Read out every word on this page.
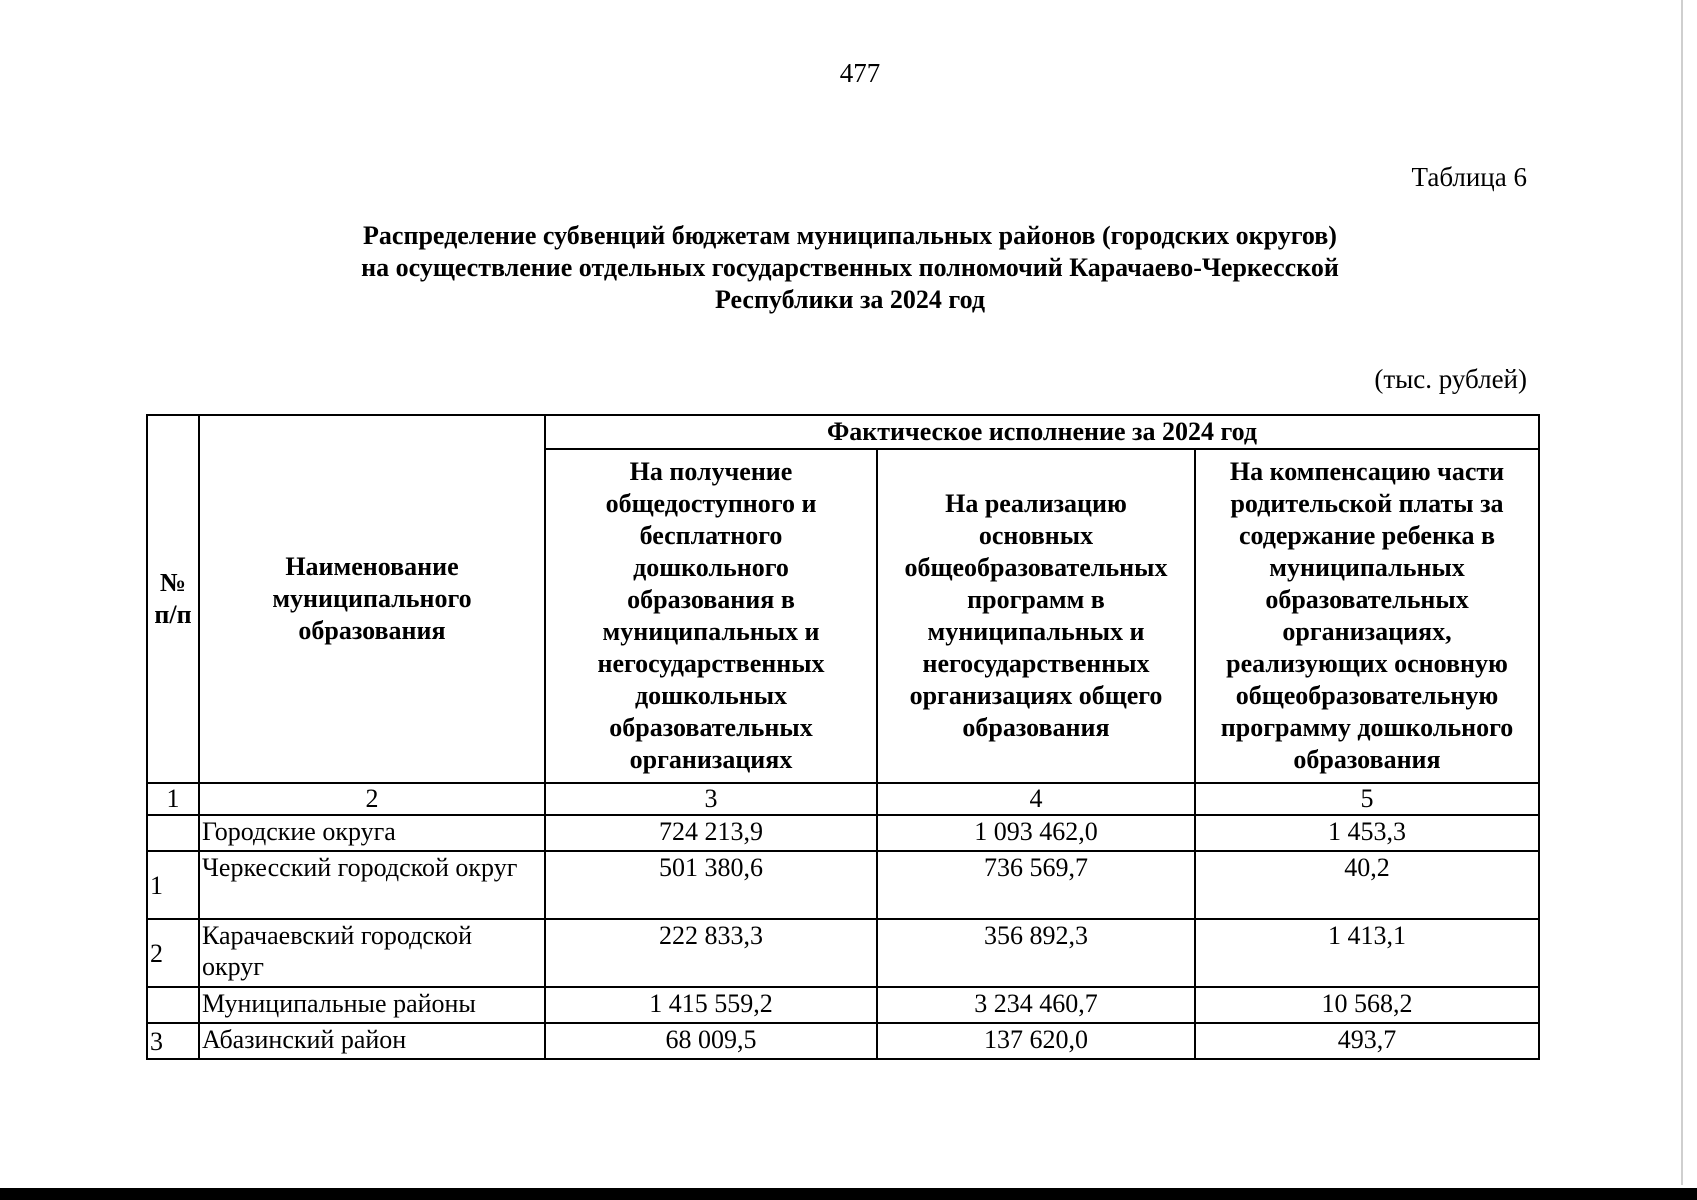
477
Таблица 6
Распределение субвенций бюджетам муниципальных районов (городских округов)
на осуществление отдельных государственных полномочий Карачаево-Черкесской
Республики за 2024 год
(тыс. рублей)
№ п/п	Наименование муниципального образования	Фактическое исполнение за 2024 год		
		На получение общедоступного и бесплатного дошкольного образования в муниципальных и негосударственных дошкольных образовательных организациях	На реализацию основных общеобразовательных программ в муниципальных и негосударственных организациях общего образования	На компенсацию части родительской платы за содержание ребенка в муниципальных образовательных организациях, реализующих основную общеобразовательную программу дошкольного образования
1	2	3	4	5
	Городские округа	724 213,9	1 093 462,0	1 453,3
1	Черкесский городской округ	501 380,6	736 569,7	40,2
2	Карачаевский городской округ	222 833,3	356 892,3	1 413,1
	Муниципальные районы	1 415 559,2	3 234 460,7	10 568,2
3	Абазинский район	68 009,5	137 620,0	493,7
